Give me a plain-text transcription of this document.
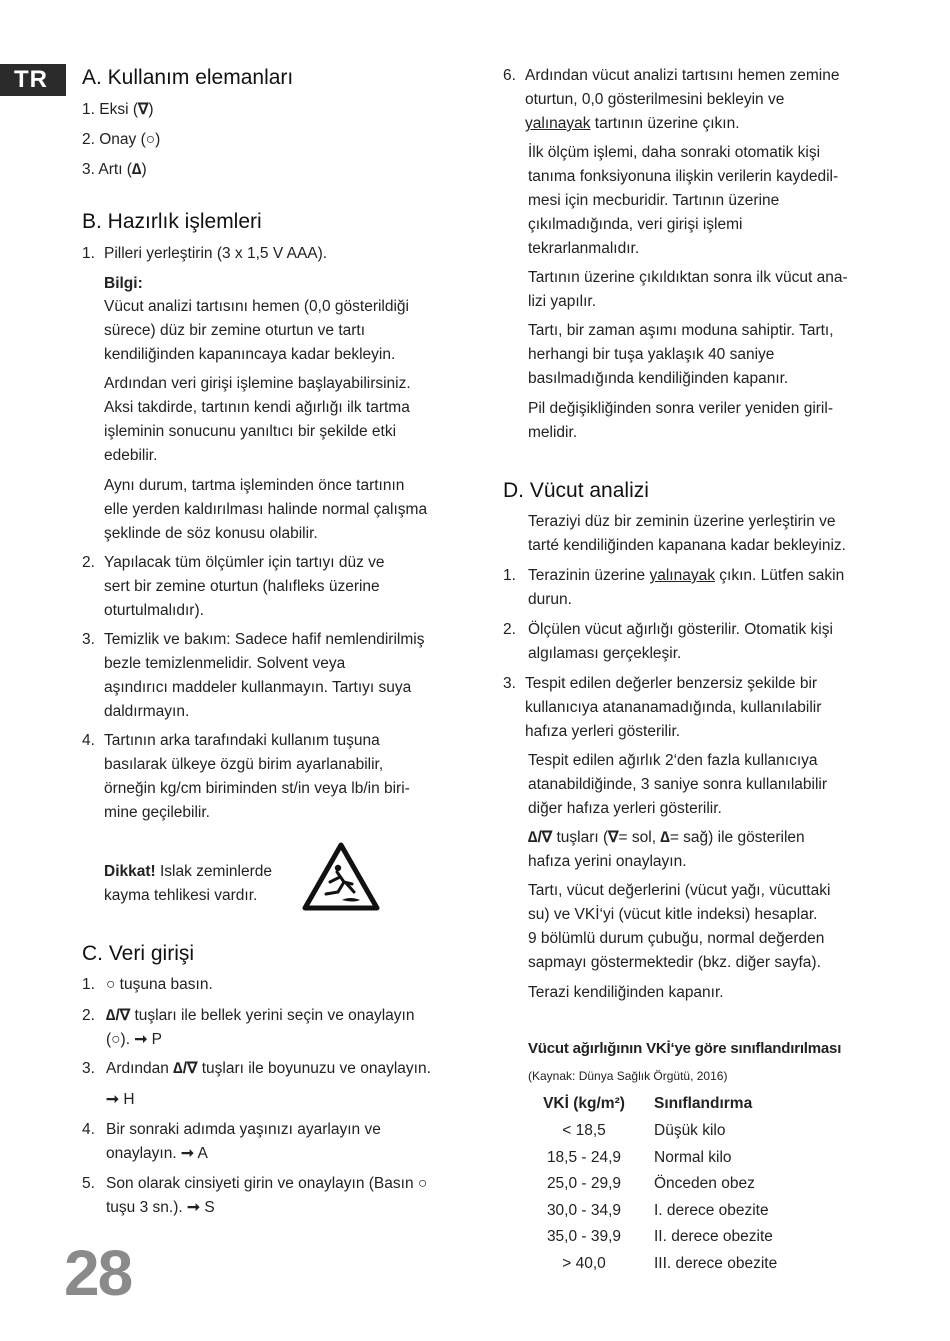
TR A. Kullanım elemanları
1. Eksi (∇)
2. Onay (○)
3. Artı (∆)
B. Hazırlık işlemleri
1. Pilleri yerleştirin (3 x 1,5 V AAA).
Bilgi:
Vücut analizi tartısını hemen (0,0 gösterildiği
sürece) düz bir zemine oturtun ve tartı
kendiliğinden kapanıncaya kadar bekleyin.
Ardından veri girişi işlemine başlayabilirsiniz.
Aksi takdirde, tartının kendi ağırlığı ilk tartma
işleminin sonucunu yanıltıcı bir şekilde etki
edebilir.
Aynı durum, tartma işleminden önce tartının
elle yerden kaldırılması halinde normal çalışma
şeklinde de söz konusu olabilir.
2. Yapılacak tüm ölçümler için tartıyı düz ve
sert bir zemine oturtun (halıfleks üzerine
oturtulmalıdır).
3. Temizlik ve bakım: Sadece hafif nemlendirilmiş
bezle temizlenmelidir. Solvent veya
aşındırıcı maddeler kullanmayın. Tartıyı suya
daldırmayın.
4. Tartının arka tarafındaki kullanım tuşuna
basılarak ülkeye özgü birim ayarlanabilir,
örneğin kg/cm biriminden st/in veya lb/in biri-
mine geçilebilir.
Dikkat! Islak zeminlerde
kayma tehlikesi vardır.
C. Veri girişi
1. ○ tuşuna basın.
2. ∆/∇ tuşları ile bellek yerini seçin ve onaylayın
(○). ➞ P
3. Ardından ∆/∇ tuşları ile boyunuzu ve onaylayın.
➞ H
4. Bir sonraki adımda yaşınızı ayarlayın ve
onaylayın. ➞ A
5. Son olarak cinsiyeti girin ve onaylayın (Basın ○
tuşu 3 sn.). ➞ S
28
6. Ardından vücut analizi tartısını hemen zemine
oturtun, 0,0 gösterilmesini bekleyin ve
yalınayak tartının üzerine çıkın.
İlk ölçüm işlemi, daha sonraki otomatik kişi
tanıma fonksiyonuna ilişkin verilerin kaydedil-
mesi için mecburidir. Tartının üzerine
çıkılmadığında, veri girişi işlemi
tekrarlanmalıdır.
Tartının üzerine çıkıldıktan sonra ilk vücut ana-
lizi yapılır.
Tartı, bir zaman aşımı moduna sahiptir. Tartı,
herhangi bir tuşa yaklaşık 40 saniye
basılmadığında kendiliğinden kapanır.
Pil değişikliğinden sonra veriler yeniden giril-
melidir.
D. Vücut analizi
Teraziyi düz bir zeminin üzerine yerleştirin ve
tarté kendiliğinden kapanana kadar bekleyiniz.
1. Terazinin üzerine yalınayak çıkın. Lütfen sakin
durun.
2. Ölçülen vücut ağırlığı gösterilir. Otomatik kişi
algılaması gerçekleşir.
3. Tespit edilen değerler benzersiz şekilde bir
kullanıcıya atananamadığında, kullanılabilir
hafıza yerleri gösterilir.
Tespit edilen ağırlık 2‘den fazla kullanıcıya
atanabildiğinde, 3 saniye sonra kullanılabilir
diğer hafıza yerleri gösterilir.
∆/∇ tuşları (∇= sol, ∆= sağ) ile gösterilen
hafıza yerini onaylayın.
Tartı, vücut değerlerini (vücut yağı, vücuttaki
su) ve VKİ‘yi (vücut kitle indeksi) hesaplar.
9 bölümlü durum çubuğu, normal değerden
sapmayı göstermektedir (bkz. diğer sayfa).
Terazi kendiliğinden kapanır.
Vücut ağırlığının VKİ‘ye göre sınıflandırılması
(Kaynak: Dünya Sağlık Örgütü, 2016)
VKİ (kg/m²)	Sınıflandırma
< 18,5	Düşük kilo
18,5 - 24,9	Normal kilo
25,0 - 29,9	Önceden obez
30,0 - 34,9	I. derece obezite
35,0 - 39,9	II. derece obezite
> 40,0	III. derece obezite
